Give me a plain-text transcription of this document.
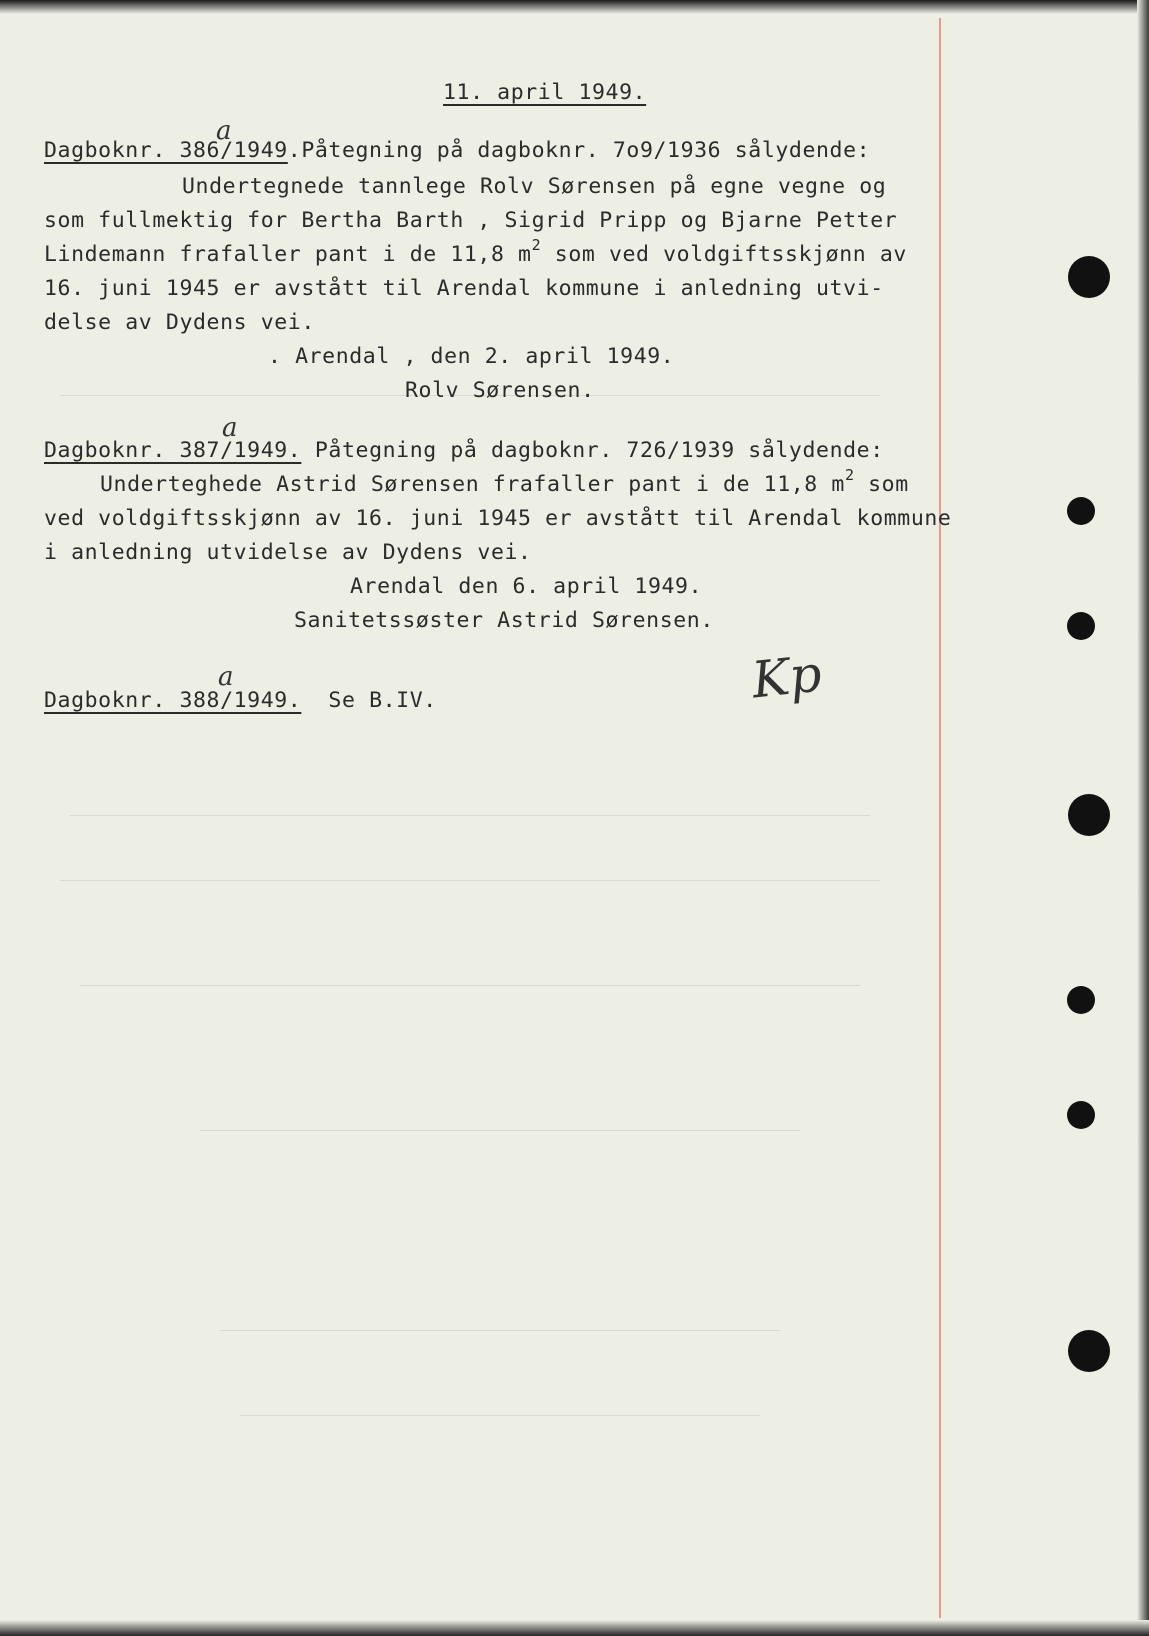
11. april 1949.
Dagboknr. 386/1949.Påtegning på dagboknr. 7o9/1936 sålydende:
a
Undertegnede tannlege Rolv Sørensen på egne vegne og
som fullmektig for Bertha Barth , Sigrid Pripp og Bjarne Petter
Lindemann frafaller pant i de 11,8 $m^2$ som ved voldgiftsskjønn av
16. juni 1945 er avstått til Arendal kommune i anledning utvi-
delse av Dydens vei.
. Arendal , den 2. april 1949.
Rolv Sørensen.
Dagboknr. 387/1949. Påtegning på dagboknr. 726/1939 sålydende:
a
Underteghede Astrid Sørensen frafaller pant i de 11,8 $m^2$ som
ved voldgiftsskjønn av 16. juni 1945 er avstått til Arendal kommune
i anledning utvidelse av Dydens vei.
Arendal den 6. april 1949.
Sanitetssøster Astrid Sørensen.
Dagboknr. 388/1949.  Se B.IV.
a	Kp
